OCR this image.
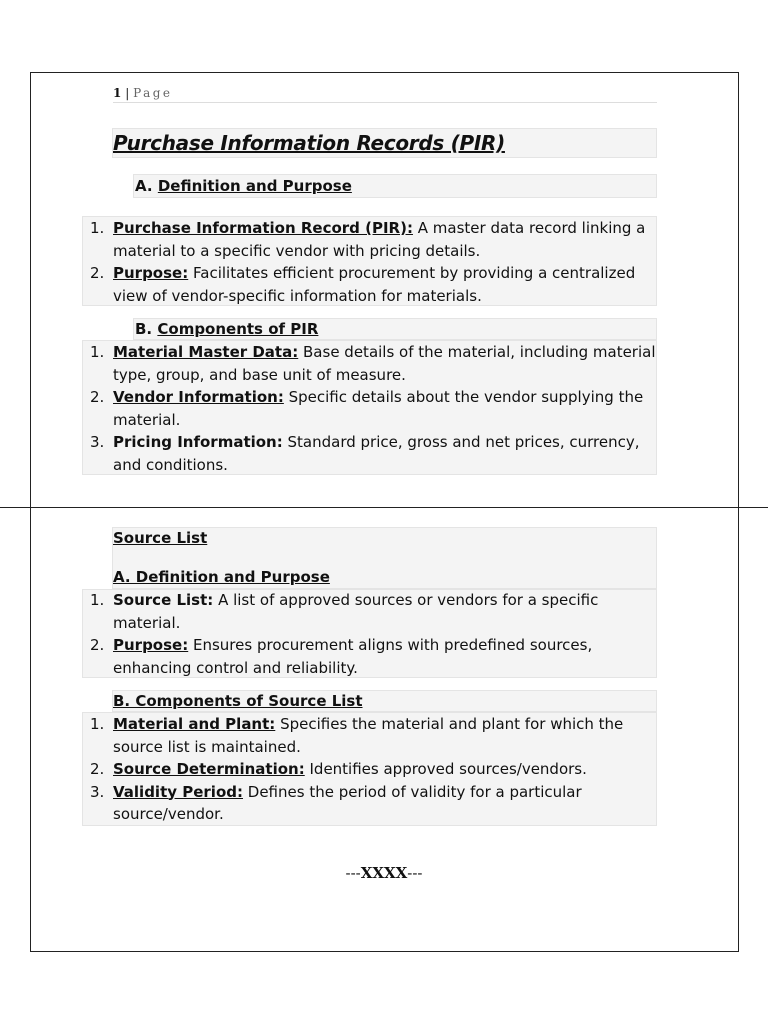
1 | Page
Purchase Information Records (PIR)
A. Definition and Purpose
1. Purchase Information Record (PIR): A master data record linking a material to a specific vendor with pricing details.
2. Purpose: Facilitates efficient procurement by providing a centralized view of vendor-specific information for materials.
B. Components of PIR
1. Material Master Data: Base details of the material, including material type, group, and base unit of measure.
2. Vendor Information: Specific details about the vendor supplying the material.
3. Pricing Information: Standard price, gross and net prices, currency, and conditions.
Source List
A. Definition and Purpose
1. Source List: A list of approved sources or vendors for a specific material.
2. Purpose: Ensures procurement aligns with predefined sources, enhancing control and reliability.
B. Components of Source List
1. Material and Plant: Specifies the material and plant for which the source list is maintained.
2. Source Determination: Identifies approved sources/vendors.
3. Validity Period: Defines the period of validity for a particular source/vendor.
---XXXX---
